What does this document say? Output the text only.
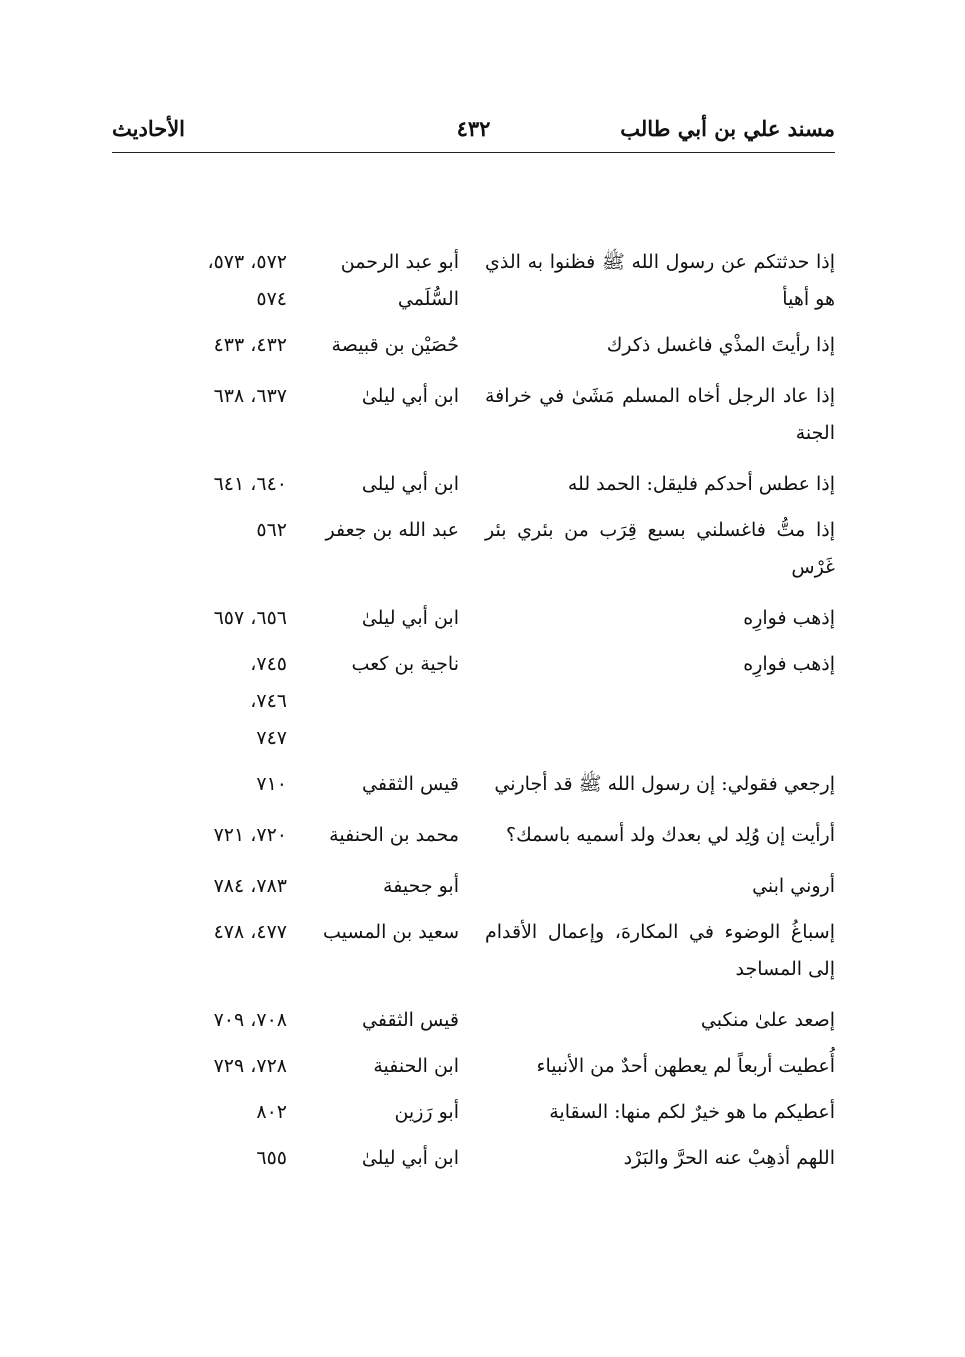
مسند علي بن أبي طالب
٤٣٢
الأحاديث
إذا حدثتكم عن رسول الله ﷺ فظنوا به الذي هو أهيأ
أبو عبد الرحمن السُّلَمي
٥٧٢، ٥٧٣، ٥٧٤
إذا رأيتَ المذْي فاغسل ذكرك
حُصَيْن بن قبيصة
٤٣٢، ٤٣٣
إذا عاد الرجل أخاه المسلم مَشَىٰ في خرافة الجنة
ابن أبي ليلىٰ
٦٣٧، ٦٣٨
إذا عطس أحدكم فليقل: الحمد لله
ابن أبي ليلى
٦٤٠، ٦٤١
إذا متُّ فاغسلني بسبع قِرَب من بئري بئر غَرْس
عبد الله بن جعفر
٥٦٢
إذهب فوارِه
ابن أبي ليلىٰ
٦٥٦، ٦٥٧
إذهب فوارِه
ناجية بن كعب
٧٤٥، ٧٤٦، ٧٤٧
إرجعي فقولي: إن رسول الله ﷺ قد أجارني
قيس الثقفي
٧١٠
أرأيت إن وُلِد لي بعدك ولد أسميه باسمك؟
محمد بن الحنفية
٧٢٠، ٧٢١
أروني ابني
أبو جحيفة
٧٨٣، ٧٨٤
إسباغُ الوضوء في المكارهَ، وإعمال الأقدام إلى المساجد
سعيد بن المسيب
٤٧٧، ٤٧٨
إصعد علىٰ منكبي
قيس الثقفي
٧٠٨، ٧٠٩
أُعطيت أربعاً لم يعطهن أحدٌ من الأنبياء
ابن الحنفية
٧٢٨، ٧٢٩
أعطيكم ما هو خيرٌ لكم منها: السقاية
أبو رَزين
٨٠٢
اللهم أذهِبْ عنه الحرَّ والبَرْد
ابن أبي ليلىٰ
٦٥٥
